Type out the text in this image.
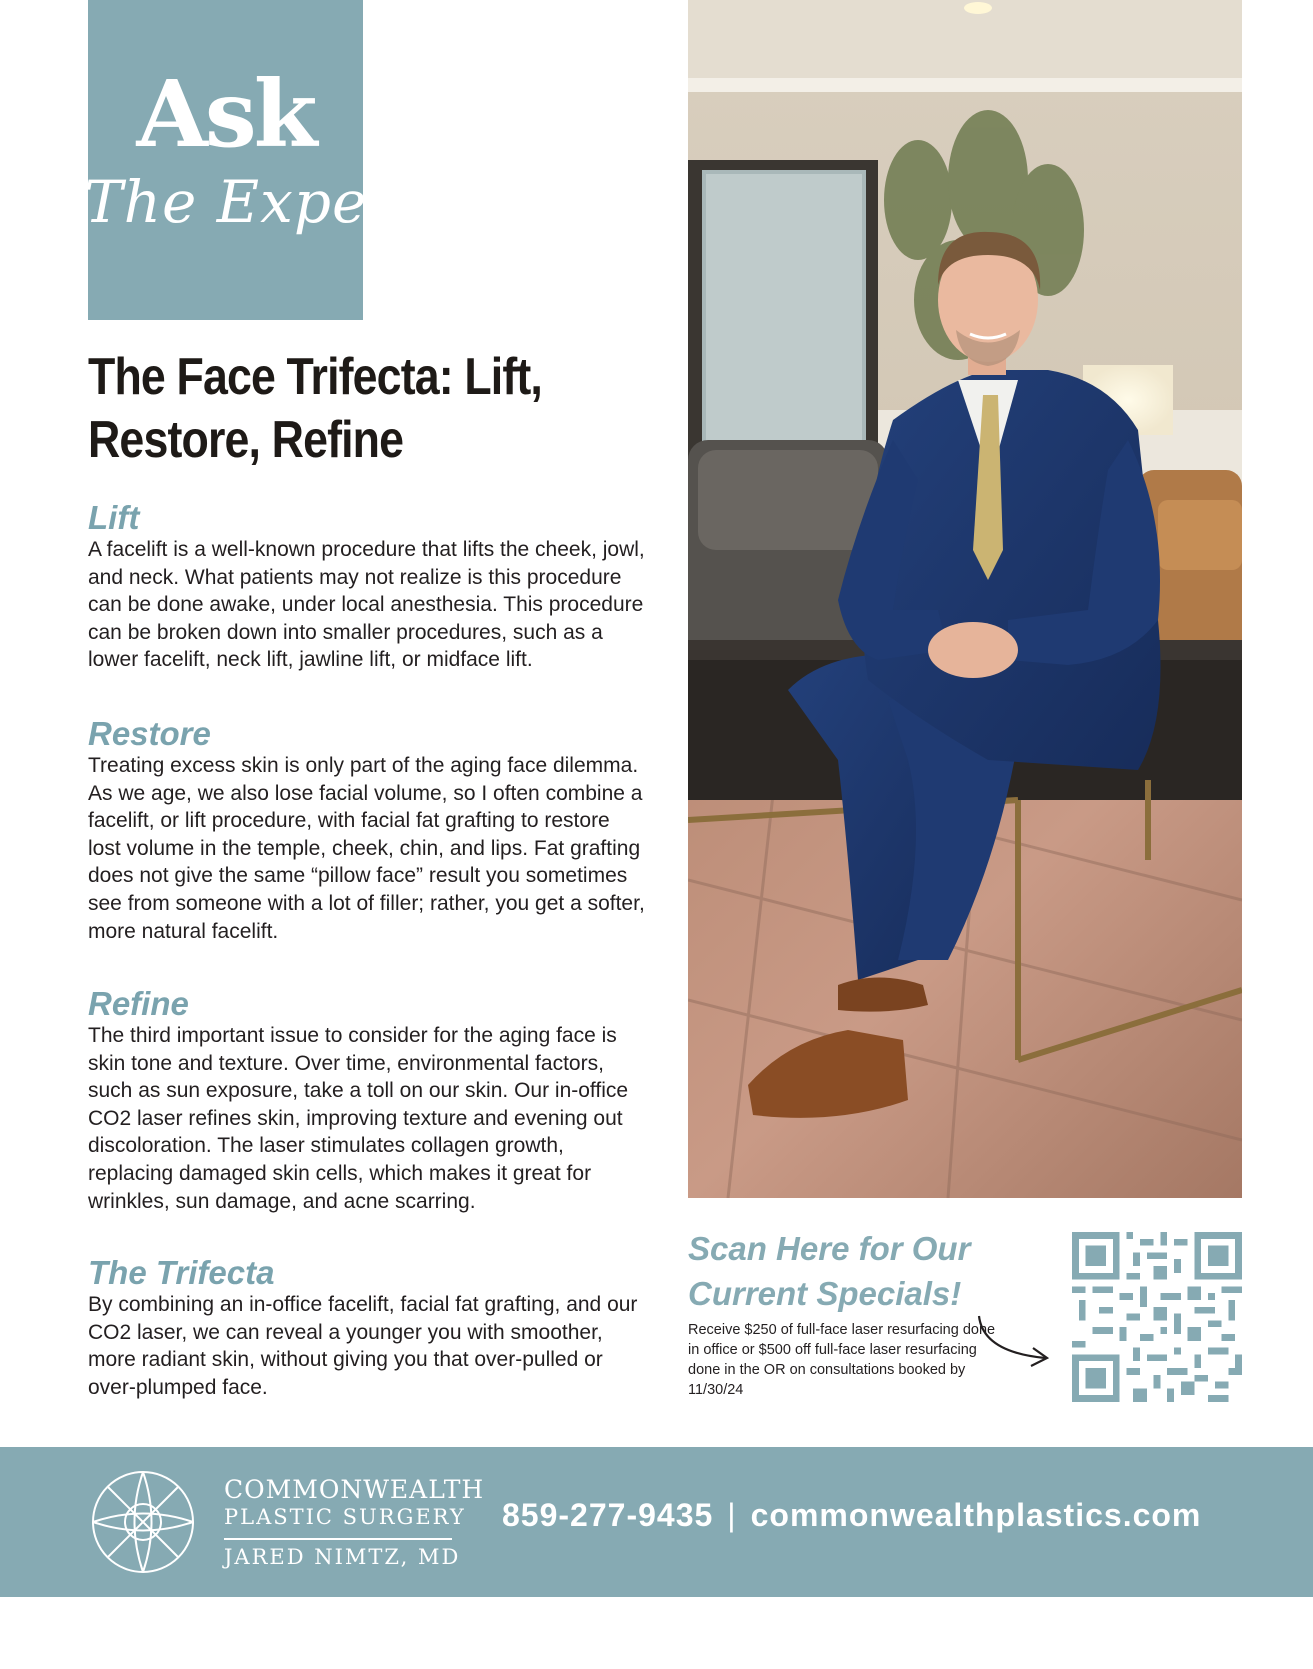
Ask
The Expert
The Face Trifecta: Lift, Restore, Refine
Lift

A facelift is a well-known procedure that lifts the cheek, jowl, and neck. What patients may not realize is this procedure can be done awake, under local anesthesia. This procedure can be broken down into smaller procedures, such as a lower facelift, neck lift, jawline lift, or midface lift.

Restore

Treating excess skin is only part of the aging face dilemma. As we age, we also lose facial volume, so I often combine a facelift, or lift procedure, with facial fat grafting to restore lost volume in the temple, cheek, chin, and lips. Fat grafting does not give the same “pillow face” result you sometimes see from someone with a lot of filler; rather, you get a softer, more natural facelift.

Refine

The third important issue to consider for the aging face is skin tone and texture. Over time, environmental factors, such as sun exposure, take a toll on our skin. Our in-office CO2 laser refines skin, improving texture and evening out discoloration. The laser stimulates collagen growth, replacing damaged skin cells, which makes it great for wrinkles, sun damage, and acne scarring.

The Trifecta

By combining an in-office facelift, facial fat grafting, and our CO2 laser, we can reveal a younger you with smoother, more radiant skin, without giving you that over-pulled or over-plumped face.

Scan Here for Our Current Specials!

Receive $250 of full-face laser resurfacing done in office or $500 off full-face laser resurfacing done in the OR on consultations booked by 11/30/24

COMMONWEALTH
PLASTIC SURGERY
JARED NIMTZ, MD
859-277-9435 | commonwealthplastics.com
